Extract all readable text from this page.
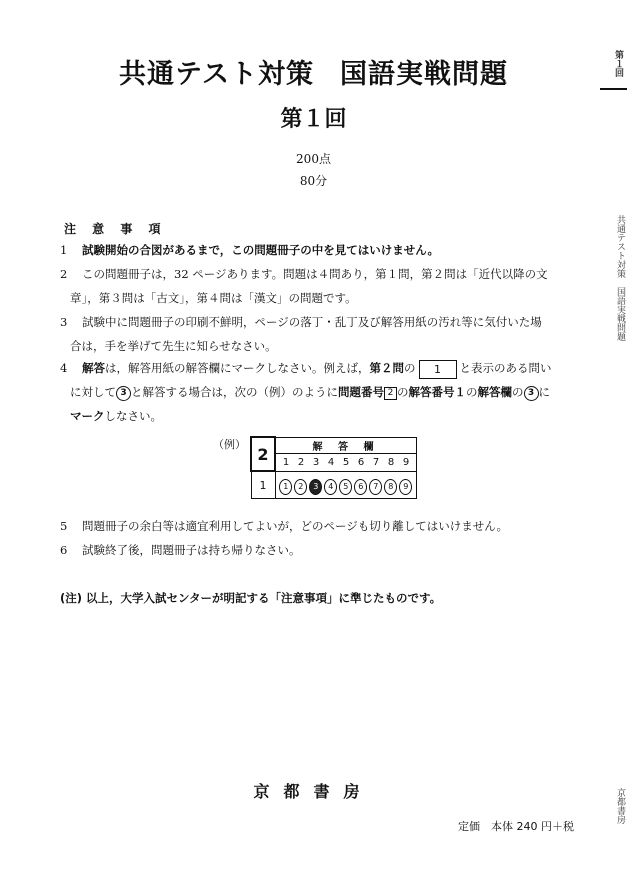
共通テスト対策 国語実戦問題
第１回
200点
80分
注 意 事 項
1 試験開始の合図があるまで，この問題冊子の中を見てはいけません。
2 この問題冊子は，32 ページあります。問題は４問あり，第１問，第２問は「近代以降の文
章」，第３問は「古文」，第４問は「漢文」の問題です。
3 試験中に問題冊子の印刷不鮮明，ページの落丁・乱丁及び解答用紙の汚れ等に気付いた場
合は，手を挙げて先生に知らせなさい。
4 解答は，解答用紙の解答欄にマークしなさい。例えば，第２問の 1 と表示のある問い
に対して 3 と解答する場合は，次の（例）のように問題番号 2 の解答番号１の解答欄の 3 に
マークしなさい。
（例） 2	解 答 欄
	1 2 3 4 5 6 7 8 9
1	1 2 3 4 5 6 7 8 9
5 問題冊子の余白等は適宜利用してよいが，どのページも切り離してはいけません。
6 試験終了後，問題冊子は持ち帰りなさい。
(注) 以上，大学入試センターが明記する「注意事項」に準じたものです。
京都書房
定価　本体 240 円＋税
第１回
共通テスト対策　国語実戦問題
京都書房
